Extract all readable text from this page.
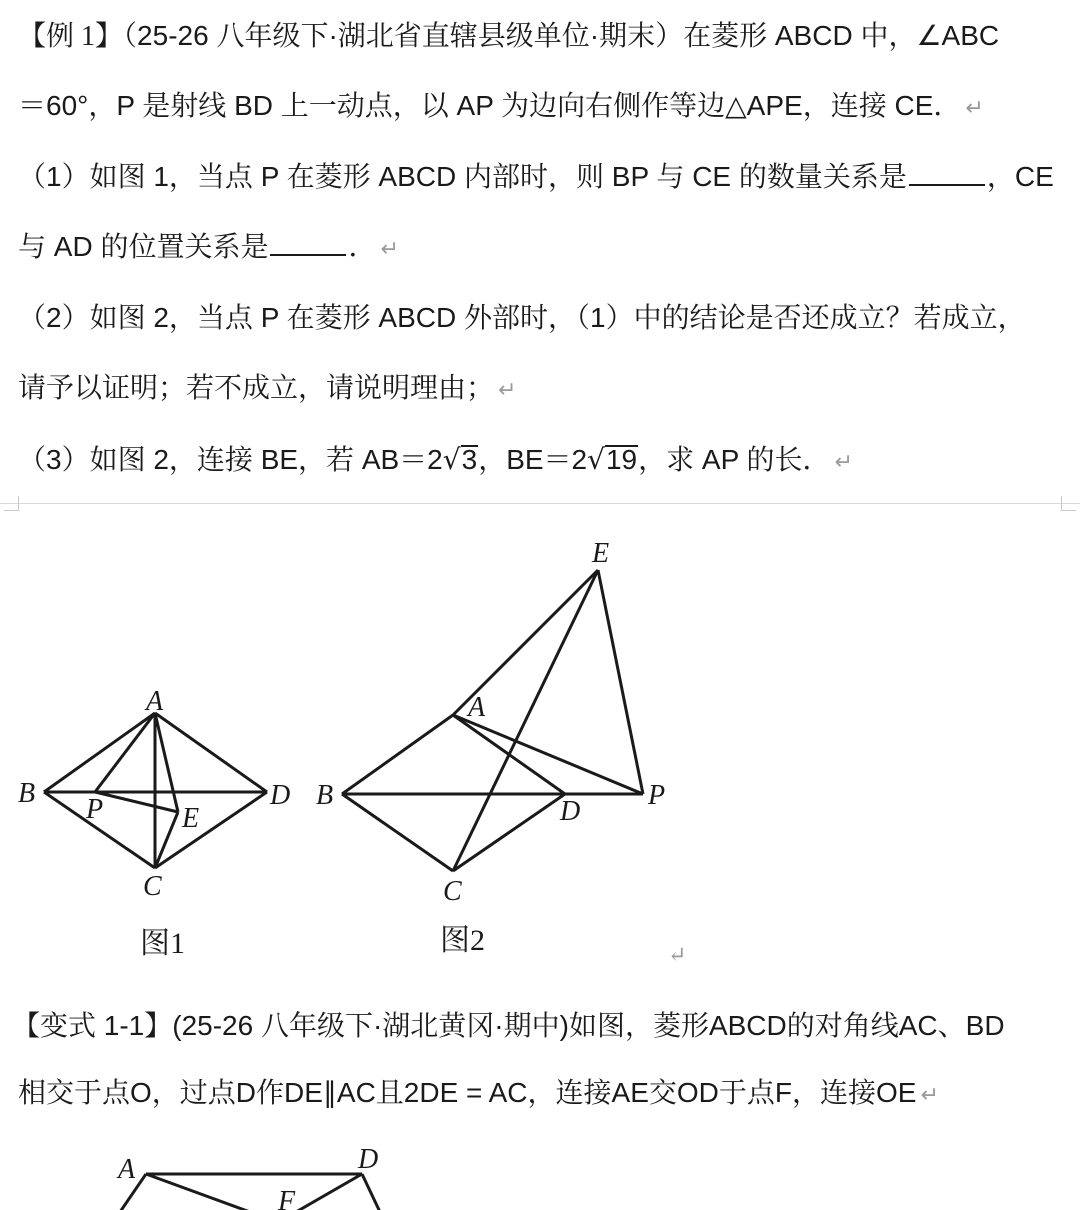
【例 1】（25-26 八年级下·湖北省直辖县级单位·期末）在菱形 ABCD 中，∠ABC
＝60°，P 是射线 BD 上一动点，以 AP 为边向右侧作等边△APE，连接 CE． ↵
（1）如图 1，当点 P 在菱形 ABCD 内部时，则 BP 与 CE 的数量关系是	，CE
与 AD 的位置关系是	． ↵
（2）如图 2，当点 P 在菱形 ABCD 外部时，（1）中的结论是否还成立？若成立，
请予以证明；若不成立，请说明理由； ↵
（3）如图 2，连接 BE，若 AB＝2√3，BE＝2√19，求 AP 的长． ↵
A
B	D
P	E
C
E
A
B
D
P
C
图1	图2	↵
【变式 1-1】(25-26 八年级下·湖北黄冈·期中)如图，菱形ABCD的对角线AC、BD
相交于点O，过点D作DE∥AC且2DE = AC，连接AE交OD于点F，连接OE ↵
A	D
F
